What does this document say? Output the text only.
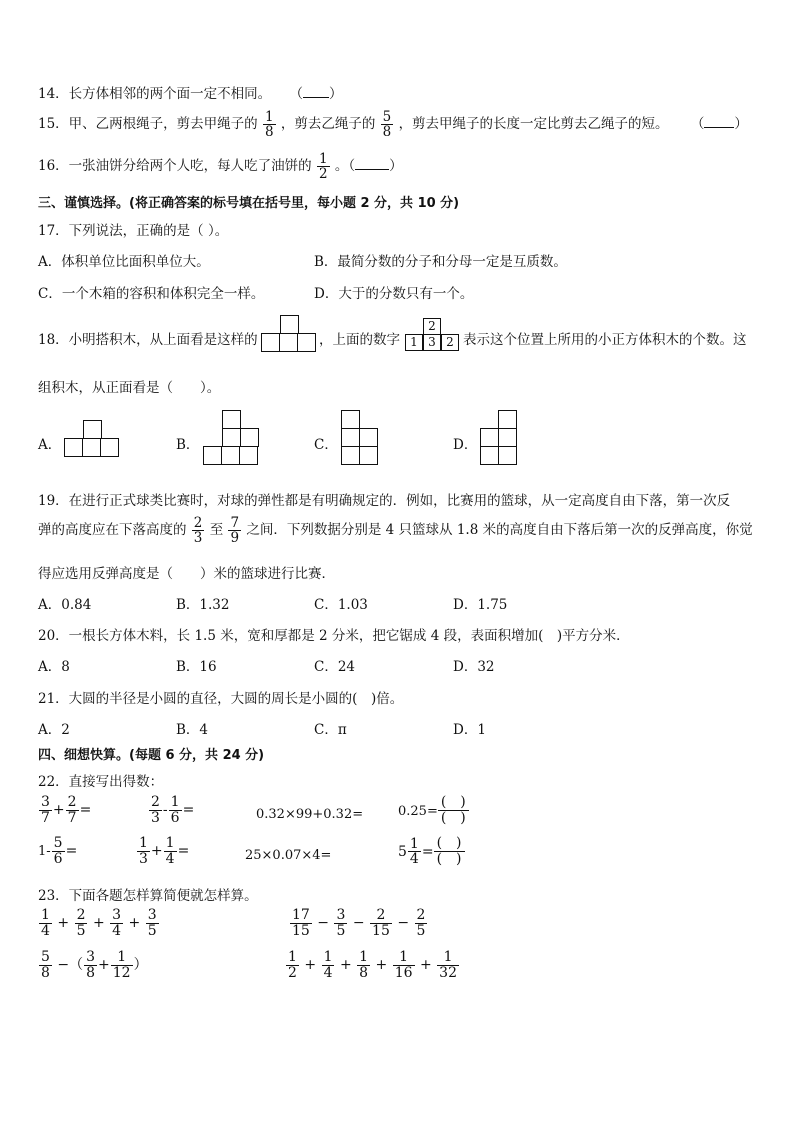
14．长方体相邻的两个面一定不相同。 （ ）
15．甲、乙两根绳子，剪去甲绳子的 $\frac{1}{8}$ ，剪去乙绳子的 $\frac{5}{8}$ ，剪去甲绳子的长度一定比剪去乙绳子的短。 （ ）
16．一张油饼分给两个人吃，每人吃了油饼的 $\frac{1}{2}$ 。（	）
三、谨慎选择。(将正确答案的标号填在括号里，每小题 2 分，共 10 分)
17．下列说法，正确的是（ ）。
A．体积单位比面积单位大。	B．最简分数的分子和分母一定是互质数。
C．一个木箱的容积和体积完全一样。	D．大于的分数只有一个。
18．小明搭积木，从上面看是这样的	，上面的数字
2
1 3 2 表示这个位置上所用的小正方体积木的个数。这
组积木，从正面看是（　　）。
A．	B．	C．	D．
19．在进行正式球类比赛时，对球的弹性都是有明确规定的．例如，比赛用的篮球，从一定高度自由下落，第一次反
弹的高度应在下落高度的 $\frac{2}{3}$ 至 $\frac{7}{9}$ 之间．下列数据分别是 4 只篮球从 1.8 米的高度自由下落后第一次的反弹高度，你觉
得应选用反弹高度是（　　）米的篮球进行比赛．
A．0.84	B．1.32	C．1.03	D．1.75
20．一根长方体木料，长 1.5 米，宽和厚都是 2 分米，把它锯成 4 段，表面积增加(　)平方分米．
A．8	B．16	C．24	D．32
21．大圆的半径是小圆的直径，大圆的周长是小圆的(　)倍。
A．2	B．4	C．π	D．1
四、细想快算。(每题 6 分，共 24 分)
22．直接写出得数：
$\frac{3}{7} + \frac{2}{7}$ =	$\frac{2}{3} - \frac{1}{6}$ =	0.32×99+0.32=	$0.25= \frac{( )}{( )}$
$1- \frac{5}{6}$ =	$\frac{1}{3} + \frac{1}{4}$ =	25×0.07×4=	$5 \frac{1}{4} = \frac{( )}{( )}$
23．下面各题怎样算简便就怎样算。
$\frac{1}{4} + \frac{2}{5} + \frac{3}{4} + \frac{3}{5}$	$\frac{17}{15} - \frac{3}{5} - \frac{2}{15} - \frac{2}{5}$
$\frac{5}{8}$ −（ $\frac{3}{8} + \frac{1}{12}$ ）	$\frac{1}{2} + \frac{1}{4} + \frac{1}{8} + \frac{1}{16} + \frac{1}{32}$
